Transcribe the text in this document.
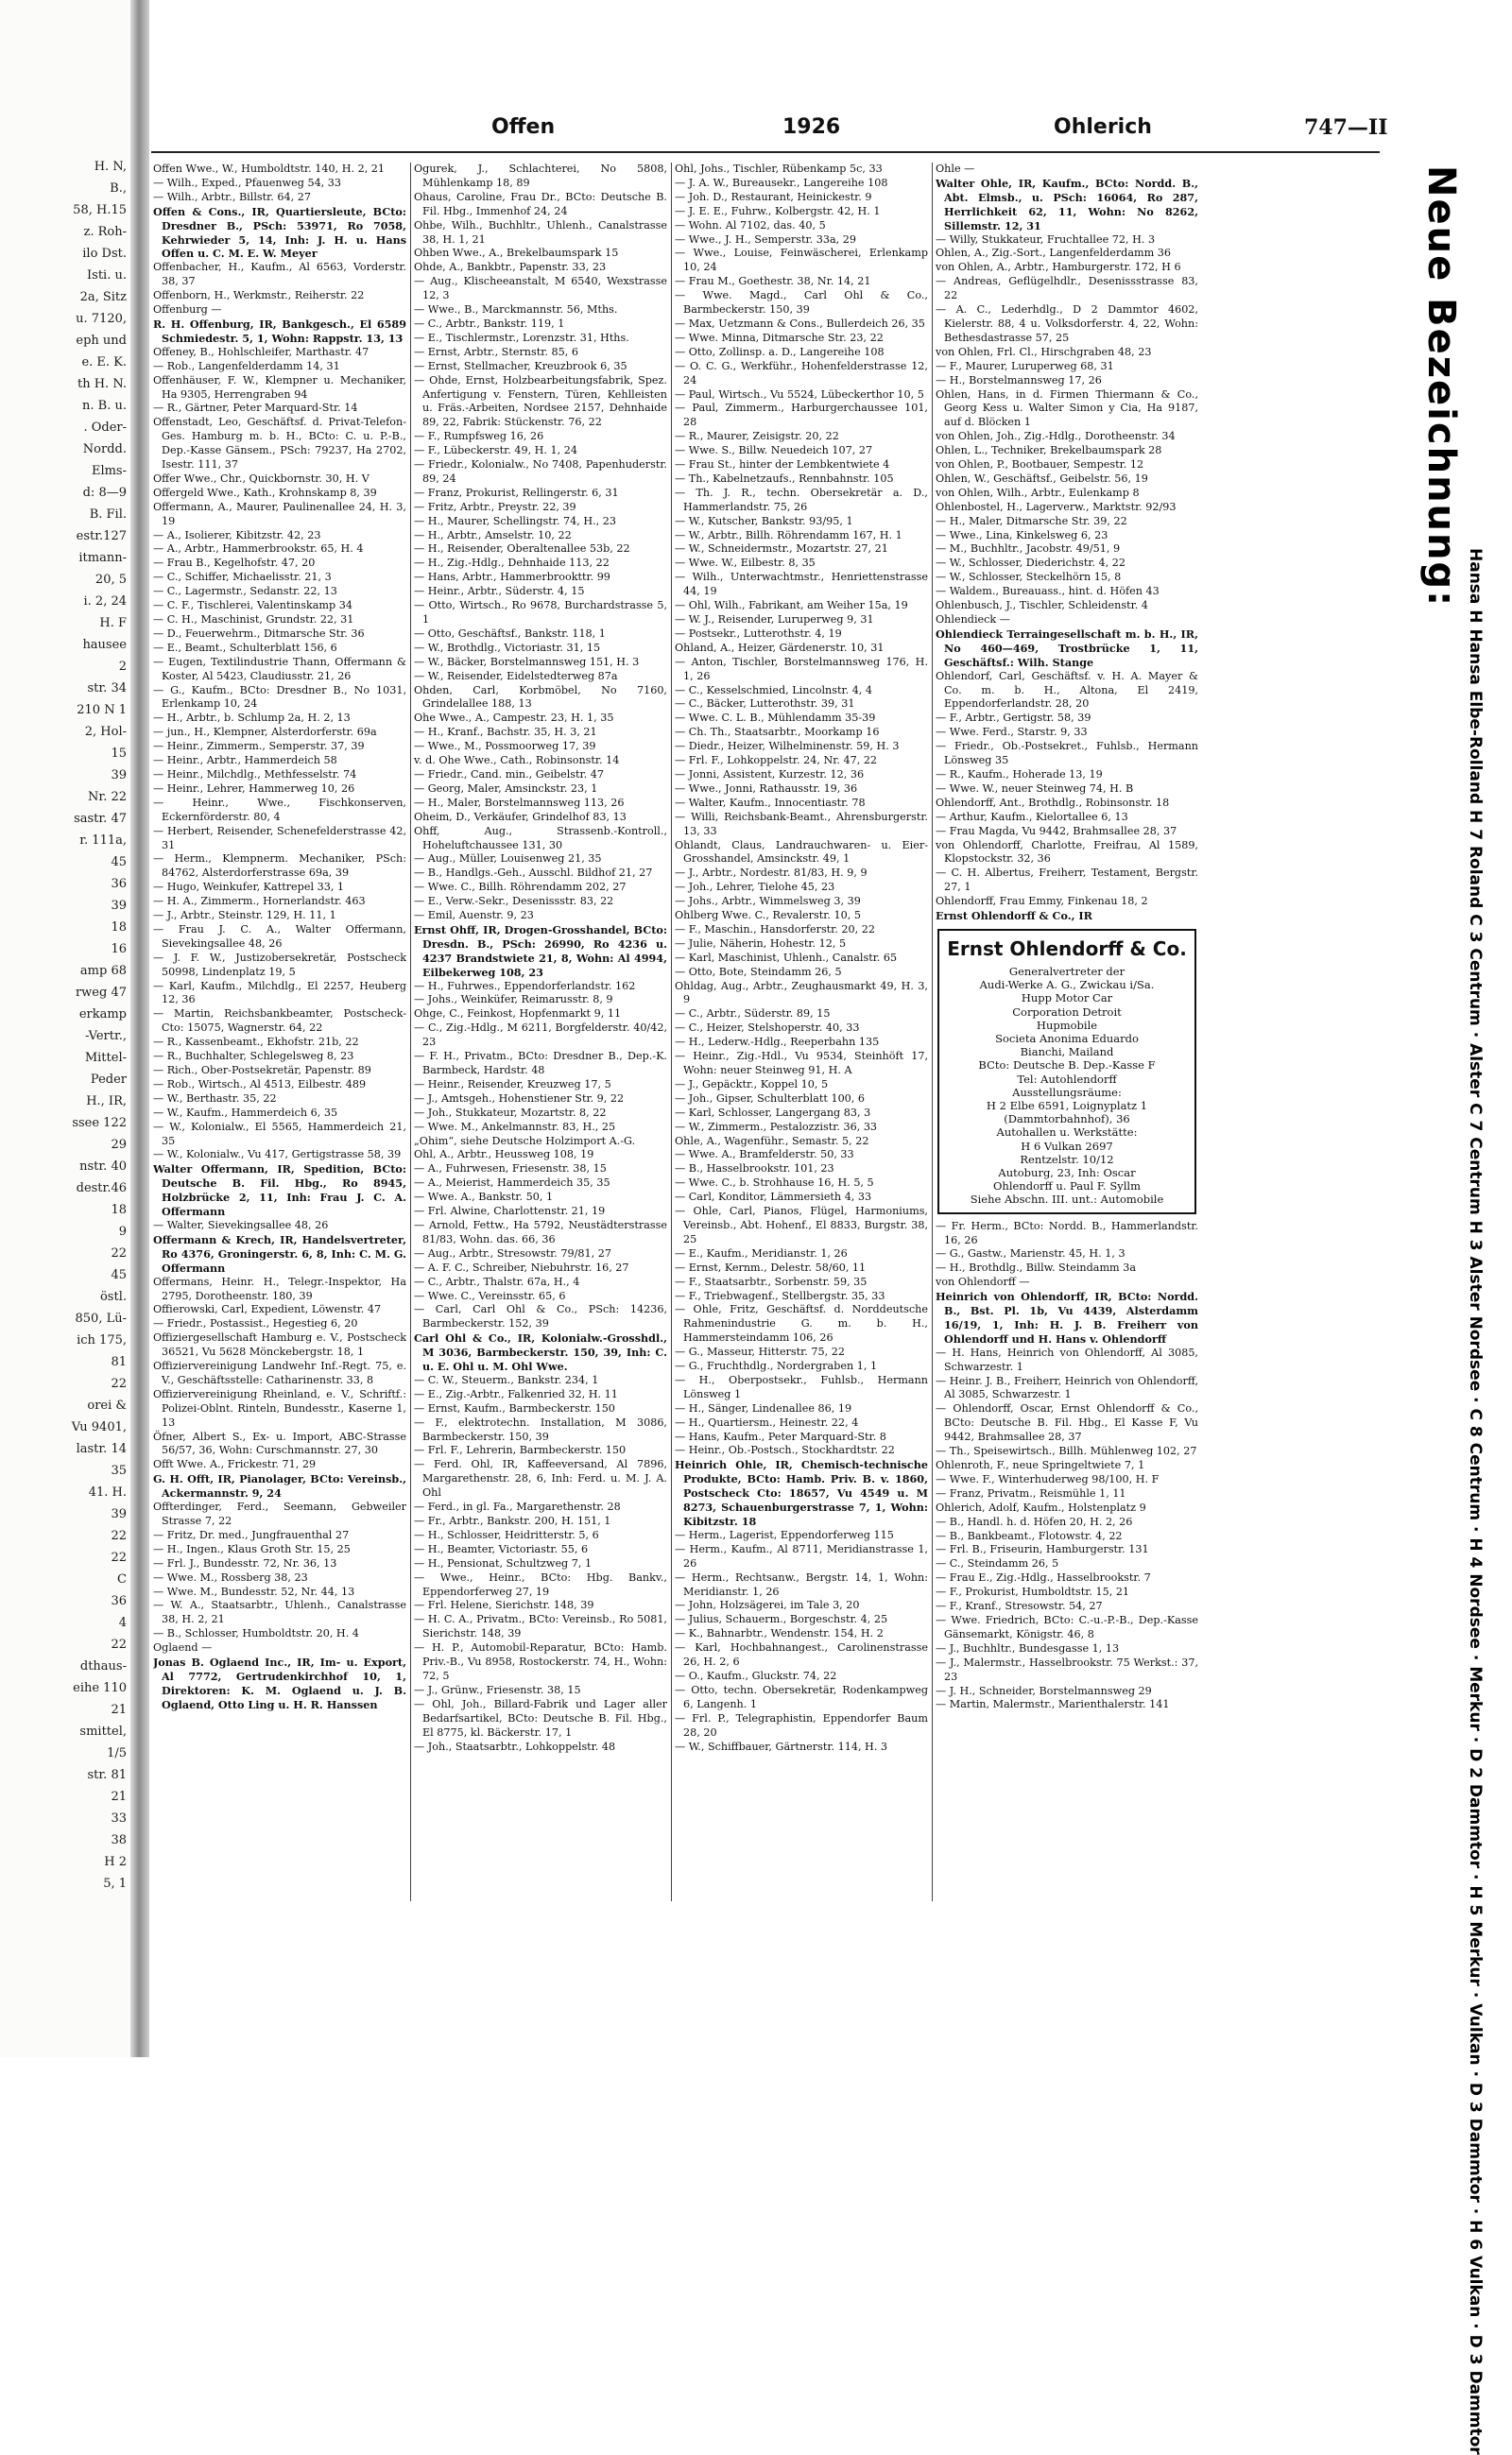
H. N,
B.,
58, H.15
z. Roh-
ilo Dst.
Isti. u.
2a, Sitz
u. 7120,
eph und
e. E. K.
th H. N.
n. B. u.
. Oder-
Nordd.
Elms-
d: 8—9
B. Fil.
estr.127
itmann-
20, 5
i. 2, 24
H. F
hausee
2
str. 34
210 N 1
2, Hol-
15
39
Nr. 22
sastr. 47
r. 111a,
45
36
39
18
16
amp 68
rweg 47
erkamp
-Vertr.,
Mittel-
Peder
H., IR,
ssee 122
29
nstr. 40
destr.46
18
9
22
45
östl.
850, Lü-
ich 175,
81
22
orei &
Vu 9401,
lastr. 14
35
41. H.
39
22
22
C
36
4
22
dthaus-
eihe 110
21
smittel,
1/5
str. 81
21
33
38
H 2
5, 1
Offen	1926	Ohlerich	747—II

Offen Wwe., W., Humboldtstr. 140, H. 2, 21

— Wilh., Exped., Pfauenweg 54, 33

— Wilh., Arbtr., Billstr. 64, 27

Offen & Cons., IR, Quartiersleute, BCto: Dresdner B., PSch: 53971, Ro 7058, Kehrwieder 5, 14, Inh: J. H. u. Hans Offen u. C. M. E. W. Meyer

Offenbacher, H., Kaufm., Al 6563, Vorderstr. 38, 37

Offenborn, H., Werkmstr., Reiherstr. 22

Offenburg —

R. H. Offenburg, IR, Bankgesch., El 6589 Schmiedestr. 5, 1, Wohn: Rappstr. 13, 13

Offeney, B., Hohlschleifer, Marthastr. 47

— Rob., Langenfelderdamm 14, 31

Offenhäuser, F. W., Klempner u. Mechaniker, Ha 9305, Herrengraben 94

— R., Gärtner, Peter Marquard-Str. 14

Offenstadt, Leo, Geschäftsf. d. Privat-Telefon-Ges. Hamburg m. b. H., BCto: C. u. P.-B., Dep.-Kasse Gänsem., PSch: 79237, Ha 2702, Isestr. 111, 37

Offer Wwe., Chr., Quickbornstr. 30, H. V

Offergeld Wwe., Kath., Krohnskamp 8, 39

Offermann, A., Maurer, Paulinenallee 24, H. 3, 19

— A., Isolierer, Kibitzstr. 42, 23

— A., Arbtr., Hammerbrookstr. 65, H. 4

— Frau B., Kegelhofstr. 47, 20

— C., Schiffer, Michaelisstr. 21, 3

— C., Lagermstr., Sedanstr. 22, 13

— C. F., Tischlerei, Valentinskamp 34

— C. H., Maschinist, Grundstr. 22, 31

— D., Feuerwehrm., Ditmarsche Str. 36

— E., Beamt., Schulterblatt 156, 6

— Eugen, Textilindustrie Thann, Offermann & Koster, Al 5423, Claudiusstr. 21, 26

— G., Kaufm., BCto: Dresdner B., No 1031, Erlenkamp 10, 24

— H., Arbtr., b. Schlump 2a, H. 2, 13

— jun., H., Klempner, Alsterdorferstr. 69a

— Heinr., Zimmerm., Semperstr. 37, 39

— Heinr., Arbtr., Hammerdeich 58

— Heinr., Milchdlg., Methfesselstr. 74

— Heinr., Lehrer, Hammerweg 10, 26

— Heinr., Wwe., Fischkonserven, Eckernförderstr. 80, 4

— Herbert, Reisender, Schenefelderstrasse 42, 31

— Herm., Klempnerm. Mechaniker, PSch: 84762, Alsterdorferstrasse 69a, 39

— Hugo, Weinkufer, Kattrepel 33, 1

— H. A., Zimmerm., Hornerlandstr. 463

— J., Arbtr., Steinstr. 129, H. 11, 1

— Frau J. C. A., Walter Offermann, Sievekingsallee 48, 26

— J. F. W., Justizobersekretär, Postscheck 50998, Lindenplatz 19, 5

— Karl, Kaufm., Milchdlg., El 2257, Heuberg 12, 36

— Martin, Reichsbankbeamter, Postscheck-Cto: 15075, Wagnerstr. 64, 22

— R., Kassenbeamt., Ekhofstr. 21b, 22

— R., Buchhalter, Schlegelsweg 8, 23

— Rich., Ober-Postsekretär, Papenstr. 89

— Rob., Wirtsch., Al 4513, Eilbestr. 489

— W., Berthastr. 35, 22

— W., Kaufm., Hammerdeich 6, 35

— W., Kolonialw., El 5565, Hammerdeich 21, 35

— W., Kolonialw., Vu 417, Gertigstrasse 58, 39

Walter Offermann, IR, Spedition, BCto: Deutsche B. Fil. Hbg., Ro 8945, Holzbrücke 2, 11, Inh: Frau J. C. A. Offermann

— Walter, Sievekingsallee 48, 26

Offermann & Krech, IR, Handelsvertreter, Ro 4376, Groningerstr. 6, 8, Inh: C. M. G. Offermann

Offermans, Heinr. H., Telegr.-Inspektor, Ha 2795, Dorotheenstr. 180, 39

Offierowski, Carl, Expedient, Löwenstr. 47

— Friedr., Postassist., Hegestieg 6, 20

Offiziergesellschaft Hamburg e. V., Postscheck 36521, Vu 5628 Mönckebergstr. 18, 1

Offiziervereinigung Landwehr Inf.-Regt. 75, e. V., Geschäftsstelle: Catharinenstr. 33, 8

Offiziervereinigung Rheinland, e. V., Schriftf.: Polizei-Oblnt. Rinteln, Bundesstr., Kaserne 1, 13

Öfner, Albert S., Ex- u. Import, ABC-Strasse 56/57, 36, Wohn: Curschmannstr. 27, 30

Offt Wwe. A., Frickestr. 71, 29

G. H. Offt, IR, Pianolager, BCto: Vereinsb., Ackermannstr. 9, 24

Offterdinger, Ferd., Seemann, Gebweiler Strasse 7, 22

— Fritz, Dr. med., Jungfrauenthal 27

— H., Ingen., Klaus Groth Str. 15, 25

— Frl. J., Bundesstr. 72, Nr. 36, 13

— Wwe. M., Rossberg 38, 23

— Wwe. M., Bundesstr. 52, Nr. 44, 13

— W. A., Staatsarbtr., Uhlenh., Canalstrasse 38, H. 2, 21

— B., Schlosser, Humboldtstr. 20, H. 4

Oglaend —

Jonas B. Oglaend Inc., IR, Im- u. Export, Al 7772, Gertrudenkirchhof 10, 1, Direktoren: K. M. Oglaend u. J. B. Oglaend, Otto Ling u. H. R. Hanssen

Ogurek, J., Schlachterei, No 5808, Mühlenkamp 18, 89

Ohaus, Caroline, Frau Dr., BCto: Deutsche B. Fil. Hbg., Immenhof 24, 24

Ohbe, Wilh., Buchhltr., Uhlenh., Canalstrasse 38, H. 1, 21

Ohben Wwe., A., Brekelbaumspark 15

Ohde, A., Bankbtr., Papenstr. 33, 23

— Aug., Klischeeanstalt, M 6540, Wexstrasse 12, 3

— Wwe., B., Marckmannstr. 56, Mths.

— C., Arbtr., Bankstr. 119, 1

— E., Tischlermstr., Lorenzstr. 31, Hths.

— Ernst, Arbtr., Sternstr. 85, 6

— Ernst, Stellmacher, Kreuzbrook 6, 35

— Ohde, Ernst, Holzbearbeitungsfabrik, Spez. Anfertigung v. Fenstern, Türen, Kehlleisten u. Fräs.-Arbeiten, Nordsee 2157, Dehnhaide 89, 22, Fabrik: Stückenstr. 76, 22

— F., Rumpfsweg 16, 26

— F., Lübeckerstr. 49, H. 1, 24

— Friedr., Kolonialw., No 7408, Papenhuderstr. 89, 24

— Franz, Prokurist, Rellingerstr. 6, 31

— Fritz, Arbtr., Preystr. 22, 39

— H., Maurer, Schellingstr. 74, H., 23

— H., Arbtr., Amselstr. 10, 22

— H., Reisender, Oberaltenallee 53b, 22

— H., Zig.-Hdlg., Dehnhaide 113, 22

— Hans, Arbtr., Hammerbrookttr. 99

— Heinr., Arbtr., Süderstr. 4, 15

— Otto, Wirtsch., Ro 9678, Burchardstrasse 5, 1

— Otto, Geschäftsf., Bankstr. 118, 1

— W., Brothdlg., Victoriastr. 31, 15

— W., Bäcker, Borstelmannsweg 151, H. 3

— W., Reisender, Eidelstedterweg 87a

Ohden, Carl, Korbmöbel, No 7160, Grindelallee 188, 13

Ohe Wwe., A., Campestr. 23, H. 1, 35

— H., Kranf., Bachstr. 35, H. 3, 21

— Wwe., M., Possmoorweg 17, 39

v. d. Ohe Wwe., Cath., Robinsonstr. 14

— Friedr., Cand. min., Geibelstr. 47

— Georg, Maler, Amsinckstr. 23, 1

— H., Maler, Borstelmannsweg 113, 26

Oheim, D., Verkäufer, Grindelhof 83, 13

Ohff, Aug., Strassenb.-Kontroll., Hoheluftchaussee 131, 30

— Aug., Müller, Louisenweg 21, 35

— B., Handlgs.-Geh., Ausschl. Bildhof 21, 27

— Wwe. C., Billh. Röhrendamm 202, 27

— E., Verw.-Sekr., Desenissstr. 83, 22

— Emil, Auenstr. 9, 23

Ernst Ohff, IR, Drogen-Grosshandel, BCto: Dresdn. B., PSch: 26990, Ro 4236 u. 4237 Brandstwiete 21, 8, Wohn: Al 4994, Eilbekerweg 108, 23

— H., Fuhrwes., Eppendorferlandstr. 162

— Johs., Weinküfer, Reimarusstr. 8, 9

Ohge, C., Feinkost, Hopfenmarkt 9, 11

— C., Zig.-Hdlg., M 6211, Borgfelderstr. 40/42, 23

— F. H., Privatm., BCto: Dresdner B., Dep.-K. Barmbeck, Hardstr. 48

— Heinr., Reisender, Kreuzweg 17, 5

— J., Amtsgeh., Hohenstiener Str. 9, 22

— Joh., Stukkateur, Mozartstr. 8, 22

— Wwe. M., Ankelmannstr. 83, H., 25

„Ohim“, siehe Deutsche Holzimport A.-G.

Ohl, A., Arbtr., Heussweg 108, 19

— A., Fuhrwesen, Friesenstr. 38, 15

— A., Meierist, Hammerdeich 35, 35

— Wwe. A., Bankstr. 50, 1

— Frl. Alwine, Charlottenstr. 21, 19

— Arnold, Fettw., Ha 5792, Neustädterstrasse 81/83, Wohn. das. 66, 36

— Aug., Arbtr., Stresowstr. 79/81, 27

— A. F. C., Schreiber, Niebuhrstr. 16, 27

— C., Arbtr., Thalstr. 67a, H., 4

— Wwe. C., Vereinsstr. 65, 6

— Carl, Carl Ohl & Co., PSch: 14236, Barmbeckerstr. 152, 39

Carl Ohl & Co., IR, Kolonialw.-Grosshdl., M 3036, Barmbeckerstr. 150, 39, Inh: C. u. E. Ohl u. M. Ohl Wwe.

— C. W., Steuerm., Bankstr. 234, 1

— E., Zig.-Arbtr., Falkenried 32, H. 11

— Ernst, Kaufm., Barmbeckerstr. 150

— F., elektrotechn. Installation, M 3086, Barmbeckerstr. 150, 39

— Frl. F., Lehrerin, Barmbeckerstr. 150

— Ferd. Ohl, IR, Kaffeeversand, Al 7896, Margarethenstr. 28, 6, Inh: Ferd. u. M. J. A. Ohl

— Ferd., in gl. Fa., Margarethenstr. 28

— Fr., Arbtr., Bankstr. 200, H. 151, 1

— H., Schlosser, Heidritterstr. 5, 6

— H., Beamter, Victoriastr. 55, 6

— H., Pensionat, Schultzweg 7, 1

— Wwe., Heinr., BCto: Hbg. Bankv., Eppendorferweg 27, 19

— Frl. Helene, Sierichstr. 148, 39

— H. C. A., Privatm., BCto: Vereinsb., Ro 5081, Sierichstr. 148, 39

— H. P., Automobil-Reparatur, BCto: Hamb. Priv.-B., Vu 8958, Rostockerstr. 74, H., Wohn: 72, 5

— J., Grünw., Friesenstr. 38, 15

— Ohl, Joh., Billard-Fabrik und Lager aller Bedarfsartikel, BCto: Deutsche B. Fil. Hbg., El 8775, kl. Bäckerstr. 17, 1

— Joh., Staatsarbtr., Lohkoppelstr. 48

Ohl, Johs., Tischler, Rübenkamp 5c, 33

— J. A. W., Bureausekr., Langereihe 108

— Joh. D., Restaurant, Heinickestr. 9

— J. E. E., Fuhrw., Kolbergstr. 42, H. 1

— Wohn. Al 7102, das. 40, 5

— Wwe., J. H., Semperstr. 33a, 29

— Wwe., Louise, Feinwäscherei, Erlenkamp 10, 24

— Frau M., Goethestr. 38, Nr. 14, 21

— Wwe. Magd., Carl Ohl & Co., Barmbeckerstr. 150, 39

— Max, Uetzmann & Cons., Bullerdeich 26, 35

— Wwe. Minna, Ditmarsche Str. 23, 22

— Otto, Zollinsp. a. D., Langereihe 108

— O. C. G., Werkführ., Hohenfelderstrasse 12, 24

— Paul, Wirtsch., Vu 5524, Lübeckerthor 10, 5

— Paul, Zimmerm., Harburgerchaussee 101, 28

— R., Maurer, Zeisigstr. 20, 22

— Wwe. S., Billw. Neuedeich 107, 27

— Frau St., hinter der Lembkentwiete 4

— Th., Kabelnetzaufs., Rennbahnstr. 105

— Th. J. R., techn. Obersekretär a. D., Hammerlandstr. 75, 26

— W., Kutscher, Bankstr. 93/95, 1

— W., Arbtr., Billh. Röhrendamm 167, H. 1

— W., Schneidermstr., Mozartstr. 27, 21

— Wwe. W., Eilbestr. 8, 35

— Wilh., Unterwachtmstr., Henriettenstrasse 44, 19

— Ohl, Wilh., Fabrikant, am Weiher 15a, 19

— W. J., Reisender, Luruperweg 9, 31

— Postsekr., Lutterothstr. 4, 19

Ohland, A., Heizer, Gärdenerstr. 10, 31

— Anton, Tischler, Borstelmannsweg 176, H. 1, 26

— C., Kesselschmied, Lincolnstr. 4, 4

— C., Bäcker, Lutterothstr. 39, 31

— Wwe. C. L. B., Mühlendamm 35-39

— Ch. Th., Staatsarbtr., Moorkamp 16

— Diedr., Heizer, Wilhelminenstr. 59, H. 3

— Frl. F., Lohkoppelstr. 24, Nr. 47, 22

— Jonni, Assistent, Kurzestr. 12, 36

— Wwe., Jonni, Rathausstr. 19, 36

— Walter, Kaufm., Innocentiastr. 78

— Willi, Reichsbank-Beamt., Ahrensburgerstr. 13, 33

Ohlandt, Claus, Landrauchwaren- u. Eier-Grosshandel, Amsinckstr. 49, 1

— J., Arbtr., Nordestr. 81/83, H. 9, 9

— Joh., Lehrer, Tielohe 45, 23

— Johs., Arbtr., Wimmelsweg 3, 39

Ohlberg Wwe. C., Revalerstr. 10, 5

— F., Maschin., Hansdorferstr. 20, 22

— Julie, Näherin, Hohestr. 12, 5

— Karl, Maschinist, Uhlenh., Canalstr. 65

— Otto, Bote, Steindamm 26, 5

Ohldag, Aug., Arbtr., Zeughausmarkt 49, H. 3, 9

— C., Arbtr., Süderstr. 89, 15

— C., Heizer, Stelshoperstr. 40, 33

— H., Lederw.-Hdlg., Reeperbahn 135

— Heinr., Zig.-Hdl., Vu 9534, Steinhöft 17, Wohn: neuer Steinweg 91, H. A

— J., Gepäcktr., Koppel 10, 5

— Joh., Gipser, Schulterblatt 100, 6

— Karl, Schlosser, Langergang 83, 3

— W., Zimmerm., Pestalozzistr. 36, 33

Ohle, A., Wagenführ., Semastr. 5, 22

— Wwe. A., Bramfelderstr. 50, 33

— B., Hasselbrookstr. 101, 23

— Wwe. C., b. Strohhause 16, H. 5, 5

— Carl, Konditor, Lämmersieth 4, 33

— Ohle, Carl, Pianos, Flügel, Harmoniums, Vereinsb., Abt. Hohenf., El 8833, Burgstr. 38, 25

— E., Kaufm., Meridianstr. 1, 26

— Ernst, Kernm., Delestr. 58/60, 11

— F., Staatsarbtr., Sorbenstr. 59, 35

— F., Triebwagenf., Stellbergstr. 35, 33

— Ohle, Fritz, Geschäftsf. d. Norddeutsche Rahmenindustrie G. m. b. H., Hammersteindamm 106, 26

— G., Masseur, Hitterstr. 75, 22

— G., Fruchthdlg., Nordergraben 1, 1

— H., Oberpostsekr., Fuhlsb., Hermann Lönsweg 1

— H., Sänger, Lindenallee 86, 19

— H., Quartiersm., Heinestr. 22, 4

— Hans, Kaufm., Peter Marquard-Str. 8

— Heinr., Ob.-Postsch., Stockhardtstr. 22

Heinrich Ohle, IR, Chemisch-technische Produkte, BCto: Hamb. Priv. B. v. 1860, Postscheck Cto: 18657, Vu 4549 u. M 8273, Schauenburgerstrasse 7, 1, Wohn: Kibitzstr. 18

— Herm., Lagerist, Eppendorferweg 115

— Herm., Kaufm., Al 8711, Meridianstrasse 1, 26

— Herm., Rechtsanw., Bergstr. 14, 1, Wohn: Meridianstr. 1, 26

— John, Holzsägerei, im Tale 3, 20

— Julius, Schauerm., Borgeschstr. 4, 25

— K., Bahnarbtr., Wendenstr. 154, H. 2

— Karl, Hochbahnangest., Carolinenstrasse 26, H. 2, 6

— O., Kaufm., Gluckstr. 74, 22

— Otto, techn. Obersekretär, Rodenkampweg 6, Langenh. 1

— Frl. P., Telegraphistin, Eppendorfer Baum 28, 20

— W., Schiffbauer, Gärtnerstr. 114, H. 3

Ohle —

Walter Ohle, IR, Kaufm., BCto: Nordd. B., Abt. Elmsb., u. PSch: 16064, Ro 287, Herrlichkeit 62, 11, Wohn: No 8262, Sillemstr. 12, 31

— Willy, Stukkateur, Fruchtallee 72, H. 3

Ohlen, A., Zig.-Sort., Langenfelderdamm 36

von Ohlen, A., Arbtr., Hamburgerstr. 172, H 6

— Andreas, Geflügelhdlr., Desenissstrasse 83, 22

— A. C., Lederhdlg., D 2 Dammtor 4602, Kielerstr. 88, 4 u. Volksdorferstr. 4, 22, Wohn: Bethesdastrasse 57, 25

von Ohlen, Frl. Cl., Hirschgraben 48, 23

— F., Maurer, Luruperweg 68, 31

— H., Borstelmannsweg 17, 26

Ohlen, Hans, in d. Firmen Thiermann & Co., Georg Kess u. Walter Simon y Cia, Ha 9187, auf d. Blöcken 1

von Ohlen, Joh., Zig.-Hdlg., Dorotheenstr. 34

Ohlen, L., Techniker, Brekelbaumspark 28

von Ohlen, P., Bootbauer, Sempestr. 12

Ohlen, W., Geschäftsf., Geibelstr. 56, 19

von Ohlen, Wilh., Arbtr., Eulenkamp 8

Ohlenbostel, H., Lagerverw., Marktstr. 92/93

— H., Maler, Ditmarsche Str. 39, 22

— Wwe., Lina, Kinkelsweg 6, 23

— M., Buchhltr., Jacobstr. 49/51, 9

— W., Schlosser, Diederichstr. 4, 22

— W., Schlosser, Steckelhörn 15, 8

— Waldem., Bureauass., hint. d. Höfen 43

Ohlenbusch, J., Tischler, Schleidenstr. 4

Ohlendieck —

Ohlendieck Terraingesellschaft m. b. H., IR, No 460—469, Trostbrücke 1, 11, Geschäftsf.: Wilh. Stange

Ohlendorf, Carl, Geschäftsf. v. H. A. Mayer & Co. m. b. H., Altona, El 2419, Eppendorferlandstr. 28, 20

— F., Arbtr., Gertigstr. 58, 39

— Wwe. Ferd., Starstr. 9, 33

— Friedr., Ob.-Postsekret., Fuhlsb., Hermann Lönsweg 35

— R., Kaufm., Hoherade 13, 19

— Wwe. W., neuer Steinweg 74, H. B

Ohlendorff, Ant., Brothdlg., Robinsonstr. 18

— Arthur, Kaufm., Kielortallee 6, 13

— Frau Magda, Vu 9442, Brahmsallee 28, 37

von Ohlendorff, Charlotte, Freifrau, Al 1589, Klopstockstr. 32, 36

— C. H. Albertus, Freiherr, Testament, Bergstr. 27, 1

Ohlendorff, Frau Emmy, Finkenau 18, 2

Ernst Ohlendorff & Co., IR

Ernst Ohlendorff & Co.

Generalvertreter der

Audi-Werke A. G., Zwickau i/Sa.

Hupp Motor Car

Corporation Detroit

Hupmobile

Societa Anonima Eduardo

Bianchi, Mailand

BCto: Deutsche B. Dep.-Kasse F

Tel: Autohlendorff

Ausstellungsräume:

H 2 Elbe 6591, Loignyplatz 1

(Dammtorbahnhof), 36

Autohallen u. Werkstätte:

H 6 Vulkan 2697

Rentzelstr. 10/12

Autoburg, 23, Inh: Oscar

Ohlendorff u. Paul F. Syllm

Siehe Abschn. III. unt.: Automobile

— Fr. Herm., BCto: Nordd. B., Hammerlandstr. 16, 26

— G., Gastw., Marienstr. 45, H. 1, 3

— H., Brothdlg., Billw. Steindamm 3a

von Ohlendorff —

Heinrich von Ohlendorff, IR, BCto: Nordd. B., Bst. Pl. 1b, Vu 4439, Alsterdamm 16/19, 1, Inh: H. J. B. Freiherr von Ohlendorff und H. Hans v. Ohlendorff

— H. Hans, Heinrich von Ohlendorff, Al 3085, Schwarzestr. 1

— Heinr. J. B., Freiherr, Heinrich von Ohlendorff, Al 3085, Schwarzestr. 1

— Ohlendorff, Oscar, Ernst Ohlendorff & Co., BCto: Deutsche B. Fil. Hbg., El Kasse F, Vu 9442, Brahmsallee 28, 37

— Th., Speisewirtsch., Billh. Mühlenweg 102, 27

Ohlenroth, F., neue Springeltwiete 7, 1

— Wwe. F., Winterhuderweg 98/100, H. F

— Franz, Privatm., Reismühle 1, 11

Ohlerich, Adolf, Kaufm., Holstenplatz 9

— B., Handl. h. d. Höfen 20, H. 2, 26

— B., Bankbeamt., Flotowstr. 4, 22

— Frl. B., Friseurin, Hamburgerstr. 131

— C., Steindamm 26, 5

— Frau E., Zig.-Hdlg., Hasselbrookstr. 7

— F., Prokurist, Humboldtstr. 15, 21

— F., Kranf., Stresowstr. 54, 27

— Wwe. Friedrich, BCto: C.-u.-P.-B., Dep.-Kasse Gänsemarkt, Königstr. 46, 8

— J., Buchhltr., Bundesgasse 1, 13

— J., Malermstr., Hasselbrookstr. 75 Werkst.: 37, 23

— J. H., Schneider, Borstelmannsweg 29

— Martin, Malermstr., Marienthalerstr. 141

Neue Bezeichnung:
Hansa H Hansa Elbe-Rolland H 7 Roland C 3 Centrum · Alster C 7 Centrum H 3 Alster Nordsee · C 8 Centrum · H 4 Nordsee · Merkur · D 2 Dammtor · H 5 Merkur · Vulkan · D 3 Dammtor · H 6 Vulkan · D 3 Dammtor
